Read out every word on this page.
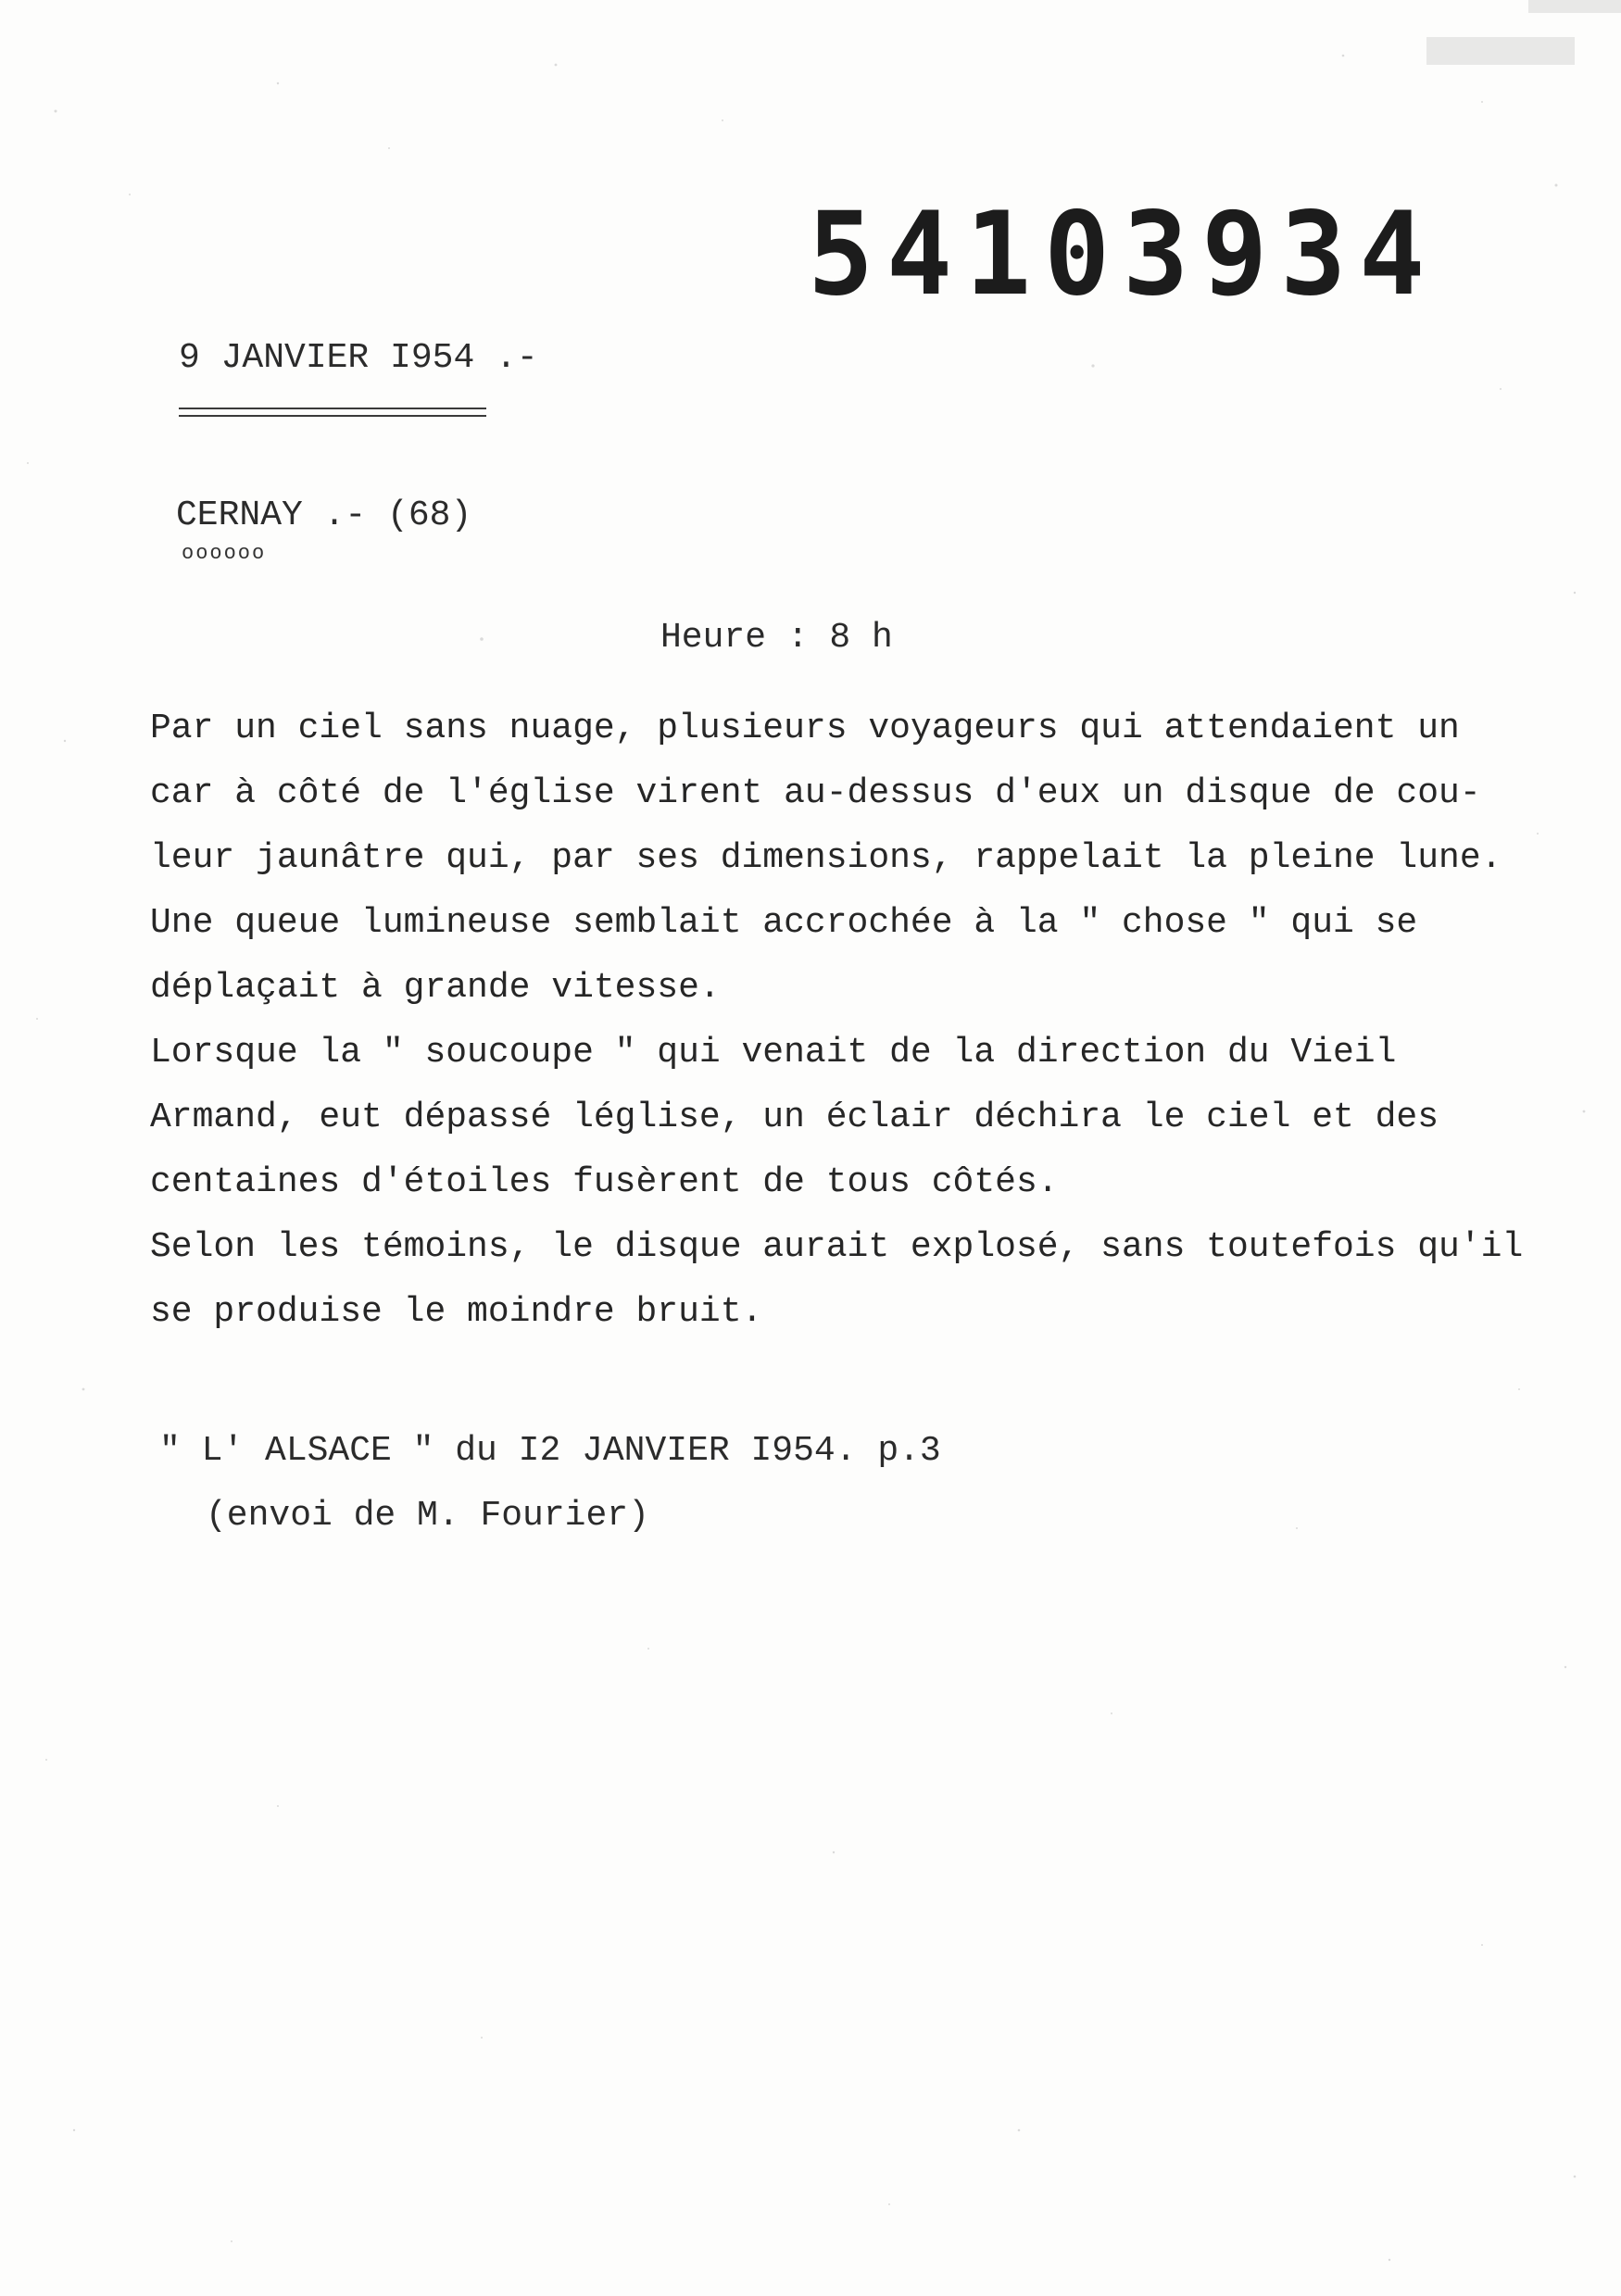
54103934
9 JANVIER I954 .-
CERNAY .- (68)
oooooo
Heure : 8 h
Par un ciel sans nuage, plusieurs voyageurs qui attendaient un
car à côté de l'église virent au-dessus d'eux un disque de cou-
leur jaunâtre qui, par ses dimensions, rappelait la pleine lune.
Une queue lumineuse semblait accrochée à la " chose " qui se
déplaçait à grande vitesse.
Lorsque la " soucoupe " qui venait de la direction du Vieil
Armand, eut dépassé léglise, un éclair déchira le ciel et des
centaines d'étoiles fusèrent de tous côtés.
Selon les témoins, le disque aurait explosé, sans toutefois qu'il
se produise le moindre bruit.
" L' ALSACE " du I2 JANVIER I954. p.3
(envoi de M. Fourier)
